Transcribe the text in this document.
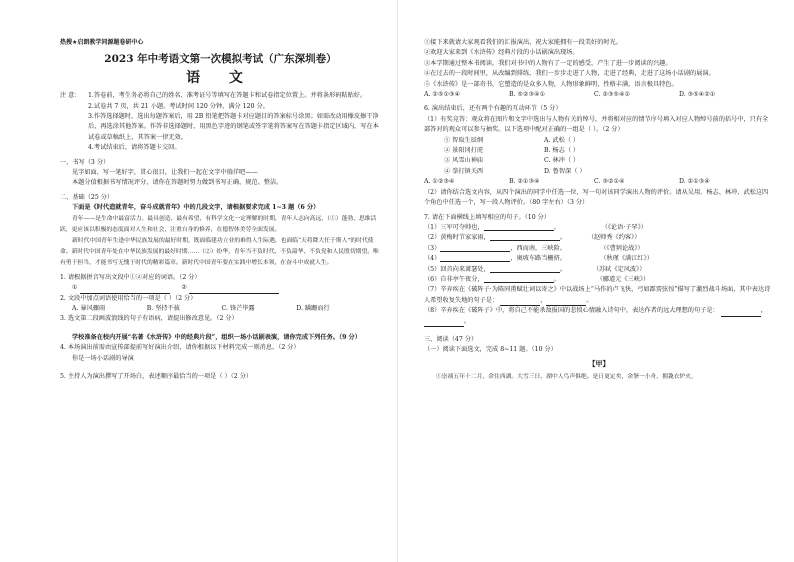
热搜★启朗教学同源题卷研中心
2023 年中考语文第一次模拟考试（广东深圳卷）
语 文
注 意：	1.答卷前，考生务必将自己的姓名、准考证号等填写在答题卡和试卷指定位置上。并将条形码粘贴好。

2.试卷共 7 页，共 21 小题。考试时间 120 分钟，满分 120 分。

3.作答选择题时，选出每题答案后，用 2B 铅笔把答题卡对应题目的答案标号涂黑；如需改动用橡皮擦干净后，再选涂其他答案。作答非选择题时，用黑色字迹的钢笔或签字笔将答案写在答题卡指定区域内，写在本试卷或草稿纸上，其答案一律无效。

4.考试结束后，请将答题卡交回。

一、书写（3 分）

见字如面，写一笔好字，贯心很目，让我们一起在文字中徜徉吧——

本题分值根据书写情况评分，请你在答题时努力做到书写正确、规范、整洁。

二、基础（25 分）

下面是《时代造就青年，奋斗成就青年》中的几段文字，请根据要求完成 1~3 题（6 分）

青年——是生命中最富活力、最具创造、最有希望、有科学文化一定理解的时期，青年人志向高远，（①）蓬勃、思维活跃，更应该以积极的态度面对人生和社会，注重自身的修养，在德智体美劳全面发展。

新时代中国青年生逢中华民族发展的最好时期，既面临建功立业的难得人生际遇，也面临“天将降大任于斯人”的时代使命。新时代中国青年处在中华民族发展的最好时期……（②）纷华，青年当不负时代、不负韶华、不负党和人民殷切期望。唯有勇于担当，才能书写无愧于时代的精彩篇章。新时代中国青年要在实践中增长本领，在奋斗中成就人生。

1. 请根据拼音写出文段中①②对应的词语。（2 分）

①	②

2. 文段中加点词语使用恰当的一项是（ ）（2 分）

A. 暴风骤雨	B. 坚持不拔	C. 锋芒毕露	D. 蹒跚而行

3. 选文第二段画波浪线的句子有语病，请提出修改意见。（2 分）

学校准备在校内开展“名著《水浒传》中的经典片段”，组织一场小话剧表演，请你完成下列任务。（9 分）

4. 本场演出前需由宣传部提前写好演出介绍，请你根据以下材料完成一则消息。（2 分）

你是一场小话剧的导演

5. 主持人为演出撰写了开场白，表述顺序最恰当的一项是（ ）（2 分）

①接下来就请大家观看我们的汇报演出，祝大家能拥有一段美好的时光。

②欢迎大家来到《水浒传》经典片段的小话剧演出现场。

③本学期通过整本书阅读，我们对书中的人物有了一定的感受，产生了进一步阅读的兴趣。

④在过去的一段时间里，从改编到排练，我们一步步走进了人物，走进了经典，走进了这场小话剧的展演。

⑤《水浒传》是一部奇书，它塑造的是众多人物，人物形象鲜明，性格丰满，语言极具特色。

A. ②⑤①③④	B. ⑤②③④①	C. ②③⑤④①	D. ③⑤④②①

6. 演出结束后，还有两个有趣的互动环节（5 分）

（1）有奖竞答：观众将在图片和文字中选出与人物有关的绰号，并将相对应的情节序号填入对应人物绰号前的括号中，只有全部答对的观众可以参与抽奖。以下选项中配对正确的一组是（ ）。（2 分）

① 智取生辰纲	A. 武松（ ）
② 景阳冈打虎	B. 杨志（ ）
③ 风雪山神庙	C. 林冲（ ）
④ 拳打镇关西	D. 鲁智深（ ）
A. ①②③④	B. ②①③④	C. ③②①④	D. ②①③④

（2）请你结合选文内容，从四个演出的同学中任选一位，写一句对该同学演出人物的评价。请从吴用、杨志、林冲、武松这四个角色中任选一个，写一段人物评价。（80 字左右）（3 分）

7. 请在下面横线上填写相应的句子。（10 分）

（1）三军可夺帅也，	。	（《论语·子罕》）
（2）黄梅时节家家雨，	。	（赵师秀《约客》）
（3）	，西而南，三峡险。	（《曹刿论战》）
（4）	，奥坡车路当栅挤。	（秋瑾《满江红》）
（5）回首向来萧瑟处，	。	（苏轼《定风波》）
（6）自非亭午夜分，	。	（郦道元《三峡》）

（7）辛弃疾在《破阵子·为陈同甫赋壮词以寄之》中以战场上“马作的卢飞快，弓如霹雳弦惊”描写了激烈战斗场面，其中表达诗人希望收复失地的句子是：	，	。

（8）辛弃疾在《破阵子》中，将自己不能杀敌报国的悲愤心情融入诗句中，表达作者的远大理想的句子是：	，。

三、阅读（47 分）

（一）阅读下面选文，完成 8~11 题。（10 分）

【甲】

①崇祯五年十二月，余住西湖。大雪三日，湖中人鸟声俱绝。是日更定矣，余拏一小舟，拥毳衣炉火，
